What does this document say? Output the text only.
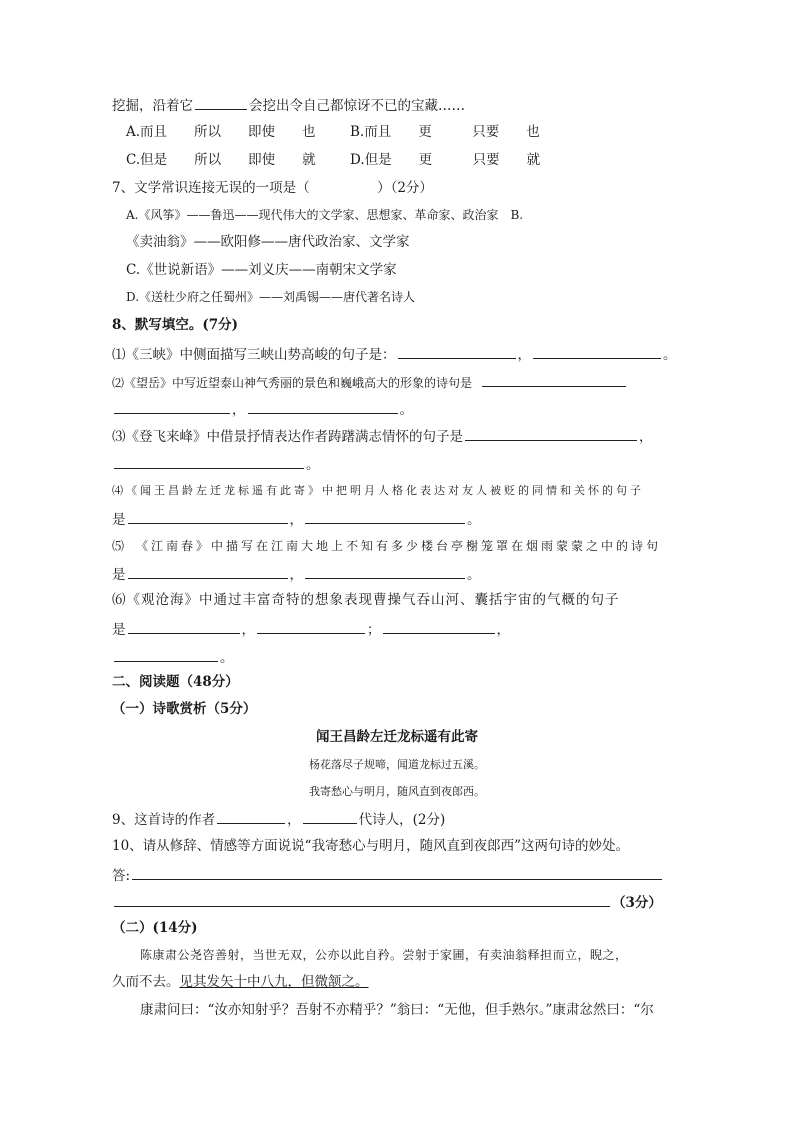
挖掘，沿着它	会挖出令自己都惊讶不已的宝藏……
A.而且　　所以　　即使　　也	B.而且　　更　　　只要　　也
C.但是　　所以　　即使　　就	D.但是　　更　　　只要　　就
7、文学常识连接无误的一项是（　　　　　）（2分）
A.《风筝》——鲁迅——现代伟大的文学家、思想家、革命家、政治家　B.
《卖油翁》——欧阳修——唐代政治家、文学家
C.《世说新语》——刘义庆——南朝宋文学家
D.《送杜少府之任蜀州》——刘禹锡——唐代著名诗人
8、默写填空。(7分)
⑴《三峡》中侧面描写三峡山势高峻的句子是：	，	。
⑵《望岳》中写近望泰山神气秀丽的景色和巍峨高大的形象的诗句是
，	。
⑶《登飞来峰》中借景抒情表达作者踌躇满志情怀的句子是	，
。
⑷《闻王昌龄左迁龙标遥有此寄》中把明月人格化表达对友人被贬的同情和关怀的句子
是	，	。
⑸　《江南春》中描写在江南大地上不知有多少楼台亭榭笼罩在烟雨蒙蒙之中的诗句
是	，	。
⑹《观沧海》中通过丰富奇特的想象表现曹操气吞山河、囊括宇宙的气概的句子
是	，	；	，
。
二、阅读题（48分）
（一）诗歌赏析（5分）
闻王昌龄左迁龙标遥有此寄
杨花落尽子规啼，闻道龙标过五溪。
我寄愁心与明月，随风直到夜郎西。
9、这首诗的作者	，	代诗人，(2分)
10、请从修辞、情感等方面说说“我寄愁心与明月，随风直到夜郎西”这两句诗的妙处。
答:
（3分）
（二）(14分)
陈康肃公尧咨善射，当世无双，公亦以此自矜。尝射于家圃，有卖油翁释担而立，睨之，
久而不去。见其发矢十中八九，但微颔之。
康肃问曰：“汝亦知射乎？吾射不亦精乎？”翁曰：“无他，但手熟尔。”康肃忿然曰：“尔
